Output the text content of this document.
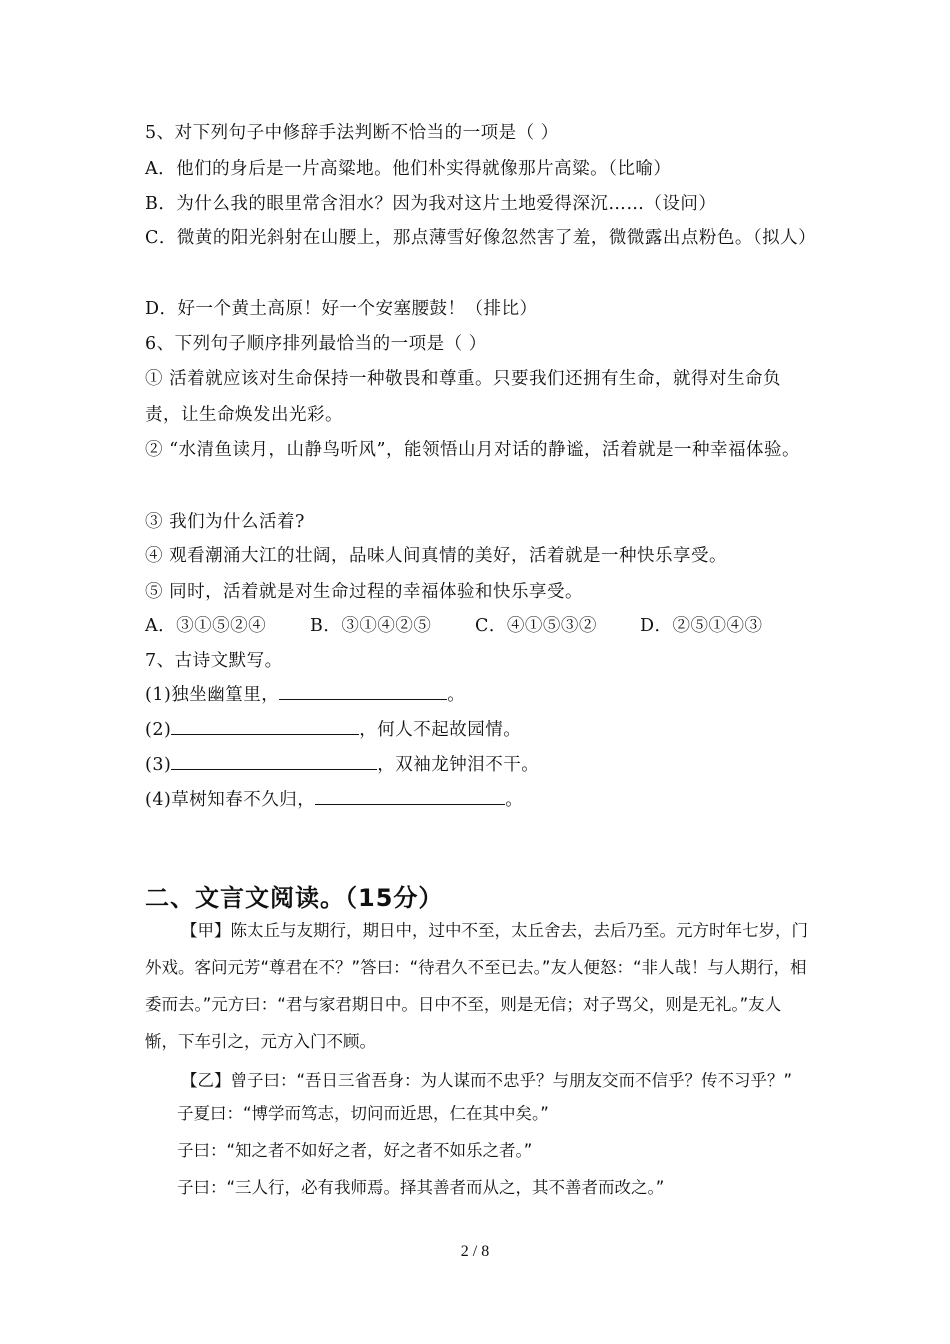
5、对下列句子中修辞手法判断不恰当的一项是（ ）
A．他们的身后是一片高粱地。他们朴实得就像那片高粱。（比喻）
B．为什么我的眼里常含泪水？因为我对这片土地爱得深沉……（设问）
C．微黄的阳光斜射在山腰上，那点薄雪好像忽然害了羞，微微露出点粉色。（拟人）
D．好一个黄土高原！好一个安塞腰鼓！（排比）
6、下列句子顺序排列最恰当的一项是（ ）
① 活着就应该对生命保持一种敬畏和尊重。只要我们还拥有生命，就得对生命负责，让生命焕发出光彩。
② “水清鱼读月，山静鸟听风”，能领悟山月对话的静谧，活着就是一种幸福体验。
③ 我们为什么活着?
④ 观看潮涌大江的壮阔，品味人间真情的美好，活着就是一种快乐享受。
⑤ 同时，活着就是对生命过程的幸福体验和快乐享受。
A．③①⑤②④	B．③①④②⑤ C．④①⑤③② D．②⑤①④③
7、古诗文默写。
(1)独坐幽篁里，	。
(2)	，何人不起故园情。
(3)	，双袖龙钟泪不干。
(4)草树知春不久归，	。
二、文言文阅读。（15分）
【甲】陈太丘与友期行，期日中，过中不至，太丘舍去，去后乃至。元方时年七岁，门外戏。客问元芳“尊君在不？”答曰：“待君久不至已去。”友人便怒：“非人哉！与人期行，相委而去。”元方曰：“君与家君期日中。日中不至，则是无信；对子骂父，则是无礼。”友人惭，下车引之，元方入门不顾。
【乙】曾子曰：“吾日三省吾身：为人谋而不忠乎？与朋友交而不信乎？传不习乎？”
子夏曰：“博学而笃志，切问而近思，仁在其中矣。”
子曰：“知之者不如好之者，好之者不如乐之者。”
子曰：“三人行，必有我师焉。择其善者而从之，其不善者而改之。”
2 / 8
